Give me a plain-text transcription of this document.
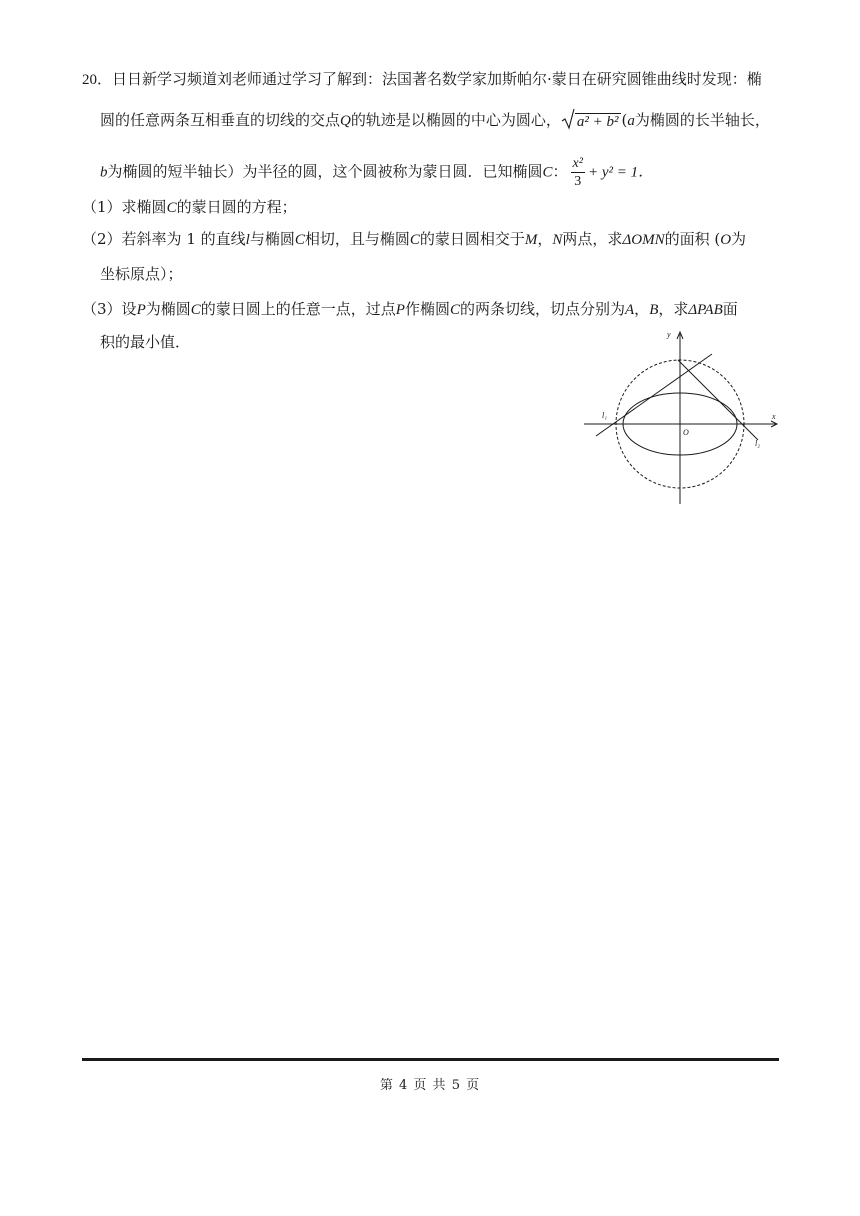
20．日日新学习频道刘老师通过学习了解到：法国著名数学家加斯帕尔·蒙日在研究圆锥曲线时发现：椭
圆的任意两条互相垂直的切线的交点Q的轨迹是以椭圆的中心为圆心， a² + b² (a为椭圆的长半轴长，
b为椭圆的短半轴长）为半径的圆，这个圆被称为蒙日圆．已知椭圆C： $\frac{\text{x²}}{3} + y^2 = 1$．
（1）求椭圆C的蒙日圆的方程；
（2）若斜率为 1 的直线l与椭圆C相切，且与椭圆C的蒙日圆相交于M，N两点，求ΔOMN的面积 (O为
坐标原点）；
（3）设P为椭圆C的蒙日圆上的任意一点，过点P作椭圆C的两条切线，切点分别为A，B，求ΔPAB面
积的最小值．	y
x
O
l₁
l₂
第 4 页 共 5 页
